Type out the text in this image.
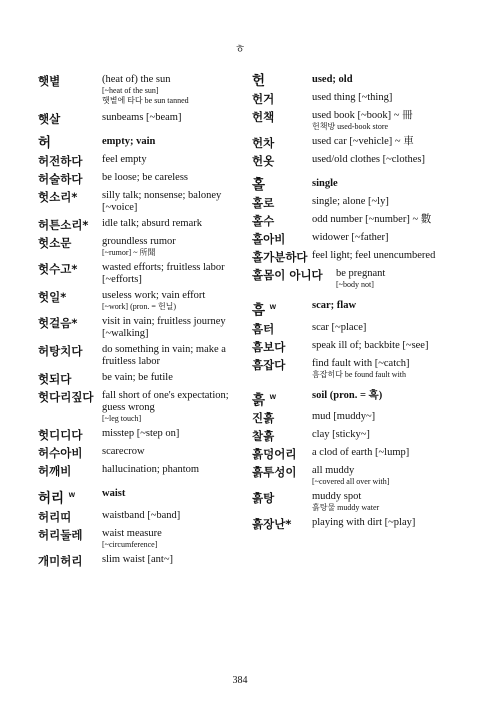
ㅎ
햇볕	(heat of) the sun
[~heat of the sun]
햇볕에 타다 be sun tanned
햇살	sunbeams [~beam]
허	empty; vain
허전하다	feel empty
허술하다	be loose; be careless
헛소리*	silly talk; nonsense; baloney [~voice]
허튼소리*	idle talk; absurd remark
헛소문	groundless rumor
[~rumor] ~ 所聞
헛수고*	wasted efforts; fruitless labor [~efforts]
헛일*	useless work; vain effort
[~work] (pron. = 헌닐)
헛걸음*	visit in vain; fruitless journey [~walking]
허탕치다	do something in vain; make a fruitless labor
헛되다	be vain; be futile
헛다리짚다 fall short of one's expectation; guess wrong
[~leg touch]
헛디디다	misstep [~step on]
허수아비	scarecrow
허깨비	hallucination; phantom
허리 $^w$	waist
허리띠	waistband [~band]
허리둘레	waist measure
[~circumference]
개미허리	slim waist [ant~]
헌	used; old
헌거	used thing [~thing]
헌책	used book [~book] ~ 冊
헌책방 used-book store
헌차	used car [~vehicle] ~ 車
헌옷	used/old clothes [~clothes]
홀	single
홀로	single; alone [~ly]
홀수	odd number [~number] ~ 數
홀아비	widower [~father]
홀가분하다 feel light; feel unencumbered
홀몸이 아니다	be pregnant
[~body not]
흠 $^w$	scar; flaw
흠터	scar [~place]
흠보다	speak ill of; backbite [~see]
흠잡다	find fault with [~catch]
흠잡히다 be found fault with
흙 $^w$	soil (pron. = 흑)
진흙	mud [muddy~]
찰흙	clay [sticky~]
흙덩어리	a clod of earth [~lump]
흙투성이	all muddy
[~covered all over with]
흙탕	muddy spot
흙탕물 muddy water
흙장난*	playing with dirt [~play]
384
